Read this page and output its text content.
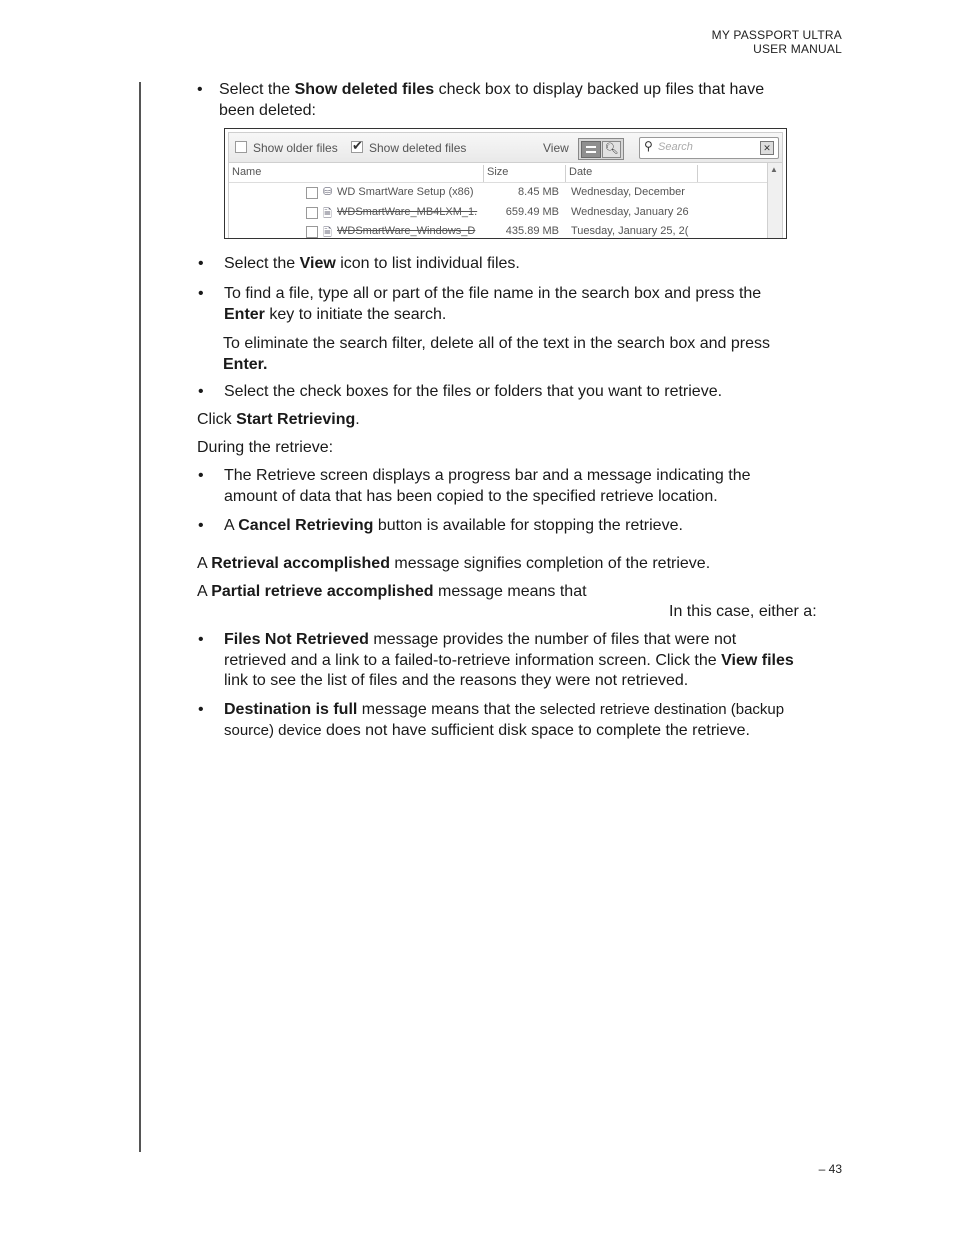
MY PASSPORT ULTRA
USER MANUAL
• Select the Show deleted files check box to display backed up files that have
been deleted:
Show older files ✔ Show deleted files	View	🔍︎ ⚲ Search	✕
Name	Size	Date	▲
⛁ WD SmartWare Setup (x86)	8.45 MB Wednesday, December
🗎︎ WDSmartWare_MB4LXM_1.	659.49 MB Wednesday, January 26
🗎︎ WDSmartWare_Windows_D	435.89 MB Tuesday, January 25, 2(
• Select the View icon to list individual files.
• To find a file, type all or part of the file name in the search box and press the
Enter key to initiate the search.
To eliminate the search filter, delete all of the text in the search box and press
Enter.
• Select the check boxes for the files or folders that you want to retrieve.
Click Start Retrieving.
During the retrieve:
• The Retrieve screen displays a progress bar and a message indicating the
amount of data that has been copied to the specified retrieve location.
• A Cancel Retrieving button is available for stopping the retrieve.
A Retrieval accomplished message signifies completion of the retrieve.
A Partial retrieve accomplished message means that
In this case, either a:
• Files Not Retrieved message provides the number of files that were not
retrieved and a link to a failed-to-retrieve information screen. Click the View files
link to see the list of files and the reasons they were not retrieved.
• Destination is full message means that the selected retrieve destination (backup
source) device does not have sufficient disk space to complete the retrieve.
– 43
